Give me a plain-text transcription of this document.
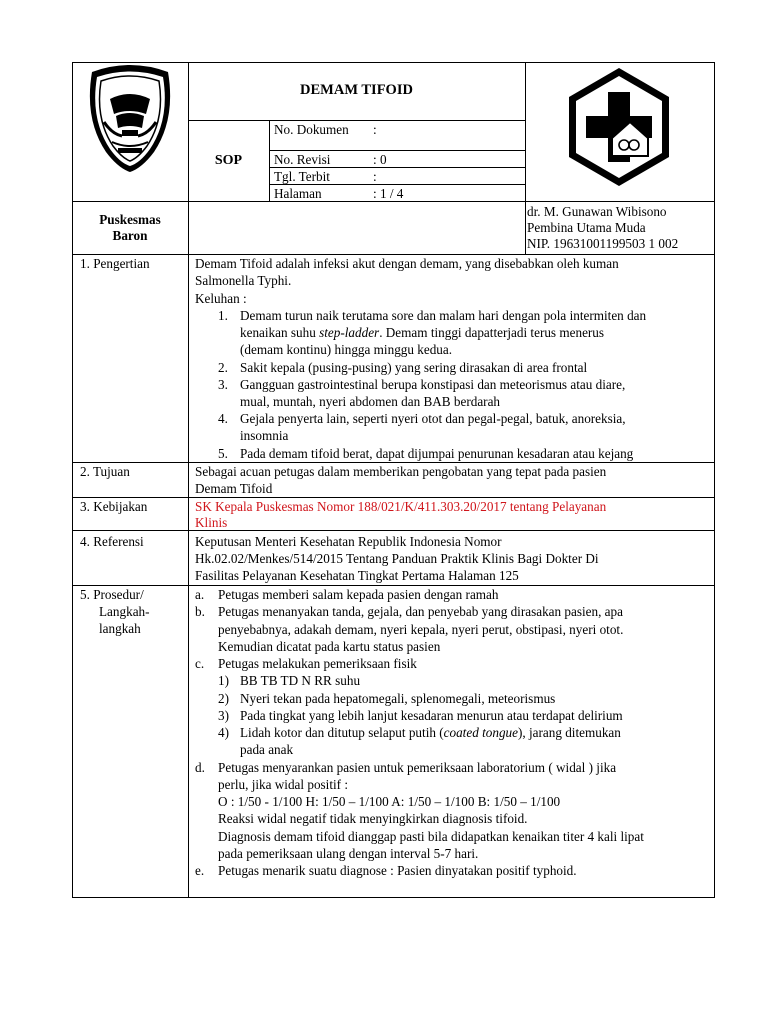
DEMAM TIFOID
SOP
No. Dokumen :
No. Revisi	: 0
Tgl. Terbit	:
Halaman	: 1 / 4
Puskesmas
Baron
dr. M. Gunawan Wibisono
Pembina Utama Muda
NIP. 19631001199503 1 002
1. Pengertian	Demam Tifoid adalah infeksi akut dengan demam, yang disebabkan oleh kuman
Salmonella Typhi.
Keluhan :
1. Demam turun naik terutama sore dan malam hari dengan pola intermiten dan
kenaikan suhu step-ladder. Demam tinggi dapatterjadi terus menerus
(demam kontinu) hingga minggu kedua.
2. Sakit kepala (pusing-pusing) yang sering dirasakan di area frontal
3. Gangguan gastrointestinal berupa konstipasi dan meteorismus atau diare,
mual, muntah, nyeri abdomen dan BAB berdarah
4. Gejala penyerta lain, seperti nyeri otot dan pegal-pegal, batuk, anoreksia,
insomnia
5. Pada demam tifoid berat, dapat dijumpai penurunan kesadaran atau kejang
2. Tujuan	Sebagai acuan petugas dalam memberikan pengobatan yang tepat pada pasien
Demam Tifoid
3. Kebijakan	SK Kepala Puskesmas Nomor 188/021/K/411.303.20/2017 tentang Pelayanan
Klinis
4. Referensi	Keputusan Menteri Kesehatan Republik Indonesia Nomor
Hk.02.02/Menkes/514/2015 Tentang Panduan Praktik Klinis Bagi Dokter Di
Fasilitas Pelayanan Kesehatan Tingkat Pertama Halaman 125
5. Prosedur/
Langkah-
langkah
a. Petugas memberi salam kepada pasien dengan ramah
b. Petugas menanyakan tanda, gejala, dan penyebab yang dirasakan pasien, apa
penyebabnya, adakah demam, nyeri kepala, nyeri perut, obstipasi, nyeri otot.
Kemudian dicatat pada kartu status pasien
c. Petugas melakukan pemeriksaan fisik
1) BB TB TD N RR suhu
2) Nyeri tekan pada hepatomegali, splenomegali, meteorismus
3) Pada tingkat yang lebih lanjut kesadaran menurun atau terdapat delirium
4) Lidah kotor dan ditutup selaput putih (coated tongue), jarang ditemukan
pada anak
d. Petugas menyarankan pasien untuk pemeriksaan laboratorium ( widal ) jika
perlu, jika widal positif :
O : 1/50 - 1/100 H: 1/50 – 1/100 A: 1/50 – 1/100 B: 1/50 – 1/100
Reaksi widal negatif tidak menyingkirkan diagnosis tifoid.
Diagnosis demam tifoid dianggap pasti bila didapatkan kenaikan titer 4 kali lipat
pada pemeriksaan ulang dengan interval 5-7 hari.
e. Petugas menarik suatu diagnose : Pasien dinyatakan positif typhoid.
